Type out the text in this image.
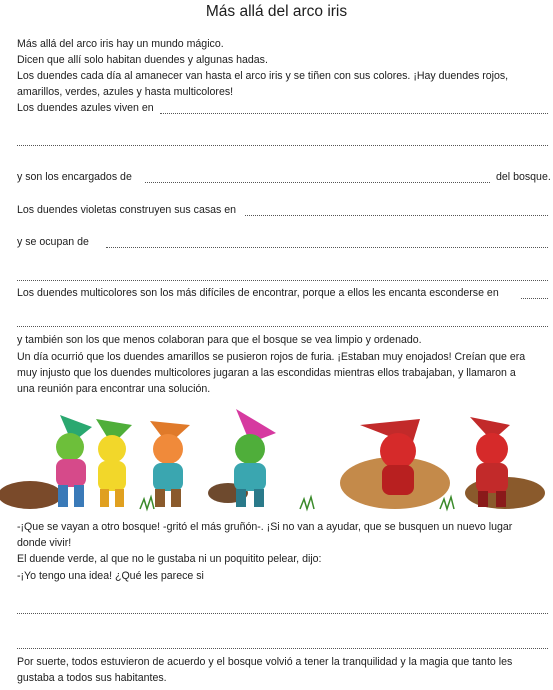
Más allá del arco iris
Más allá del arco iris hay un mundo mágico.
Dicen que allí solo habitan duendes y algunas hadas.
Los duendes cada día al amanecer van hasta el arco iris y se tiñen con sus colores. ¡Hay duendes rojos,
amarillos, verdes, azules y hasta multicolores!
Los duendes azules viven en
y son los encargados de	del bosque.
Los duendes violetas construyen sus casas en
y se ocupan de
Los duendes multicolores son los más difíciles de encontrar, porque a ellos les encanta esconderse en
y también son los que menos colaboran para que el bosque se vea limpio y ordenado.
Un día ocurrió que los duendes amarillos se pusieron rojos de furia. ¡Estaban muy enojados! Creían que era
muy injusto que los duendes multicolores jugaran a las escondidas mientras ellos trabajaban, y llamaron a
una reunión para encontrar una solución.
-¡Que se vayan a otro bosque! -gritó el más gruñón-. ¡Si no van a ayudar, que se busquen un nuevo lugar
donde vivir!
El duende verde, al que no le gustaba ni un poquitito pelear, dijo:
-¡Yo tengo una idea! ¿Qué les parece si
Por suerte, todos estuvieron de acuerdo y el bosque volvió a tener la tranquilidad y la magia que tanto les
gustaba a todos sus habitantes.
